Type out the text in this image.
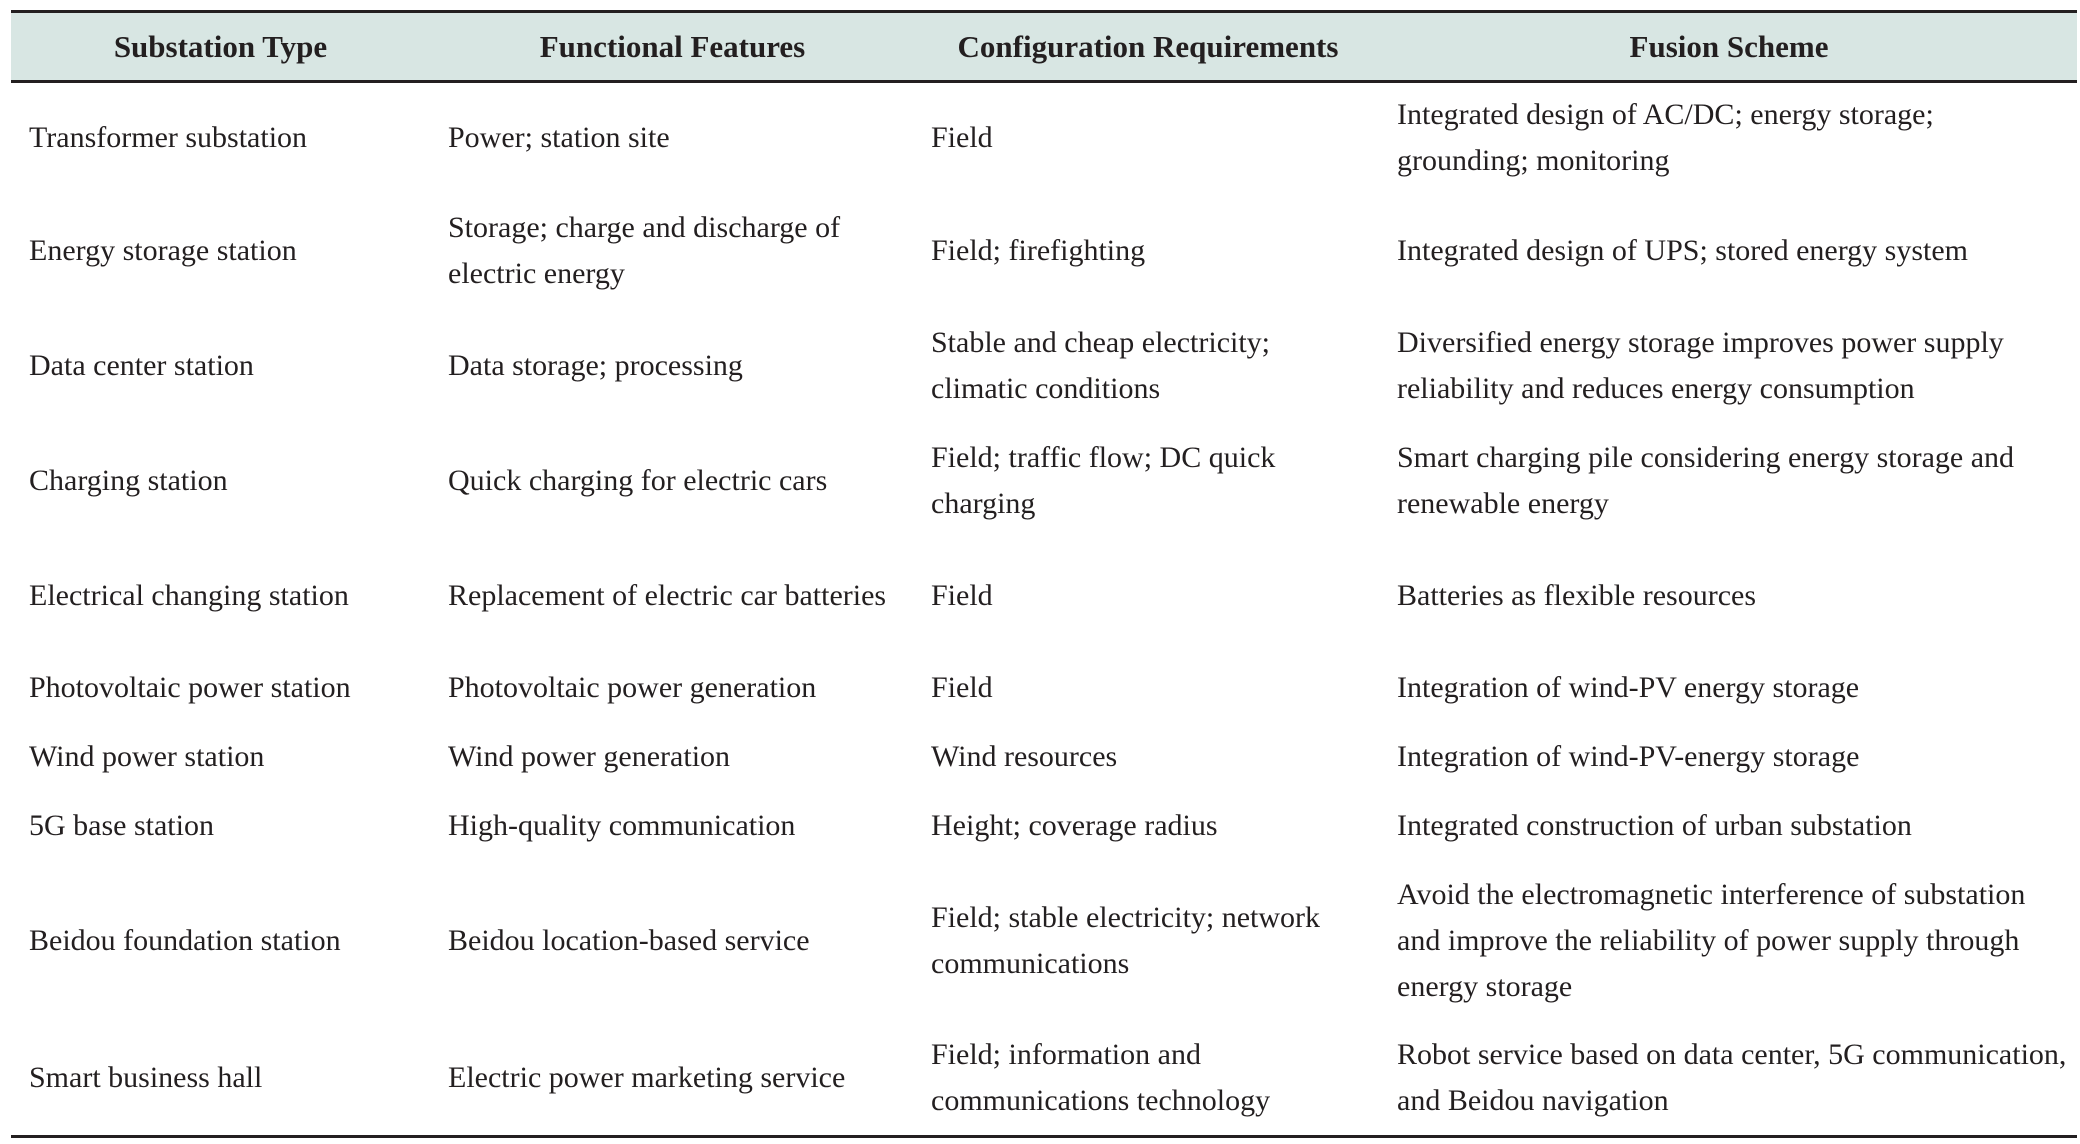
Substation Type	Functional Features	Configuration Requirements	Fusion Scheme
Transformer substation	Power; station site	Field	Integrated design of AC/DC; energy storage; grounding; monitoring
Energy storage station	Storage; charge and discharge of electric energy	Field; firefighting	Integrated design of UPS; stored energy system
Data center station	Data storage; processing	Stable and cheap electricity; climatic conditions	Diversified energy storage improves power supply reliability and reduces energy consumption
Charging station	Quick charging for electric cars	Field; traffic flow; DC quick charging	Smart charging pile considering energy storage and renewable energy
Electrical changing station	Replacement of electric car batteries	Field	Batteries as flexible resources
Photovoltaic power station	Photovoltaic power generation	Field	Integration of wind-PV energy storage
Wind power station	Wind power generation	Wind resources	Integration of wind-PV-energy storage
5G base station	High-quality communication	Height; coverage radius	Integrated construction of urban substation
Beidou foundation station	Beidou location-based service	Field; stable electricity; network communications	Avoid the electromagnetic interference of substation and improve the reliability of power supply through energy storage
Smart business hall	Electric power marketing service	Field; information and communications technology	Robot service based on data center, 5G communication, and Beidou navigation
